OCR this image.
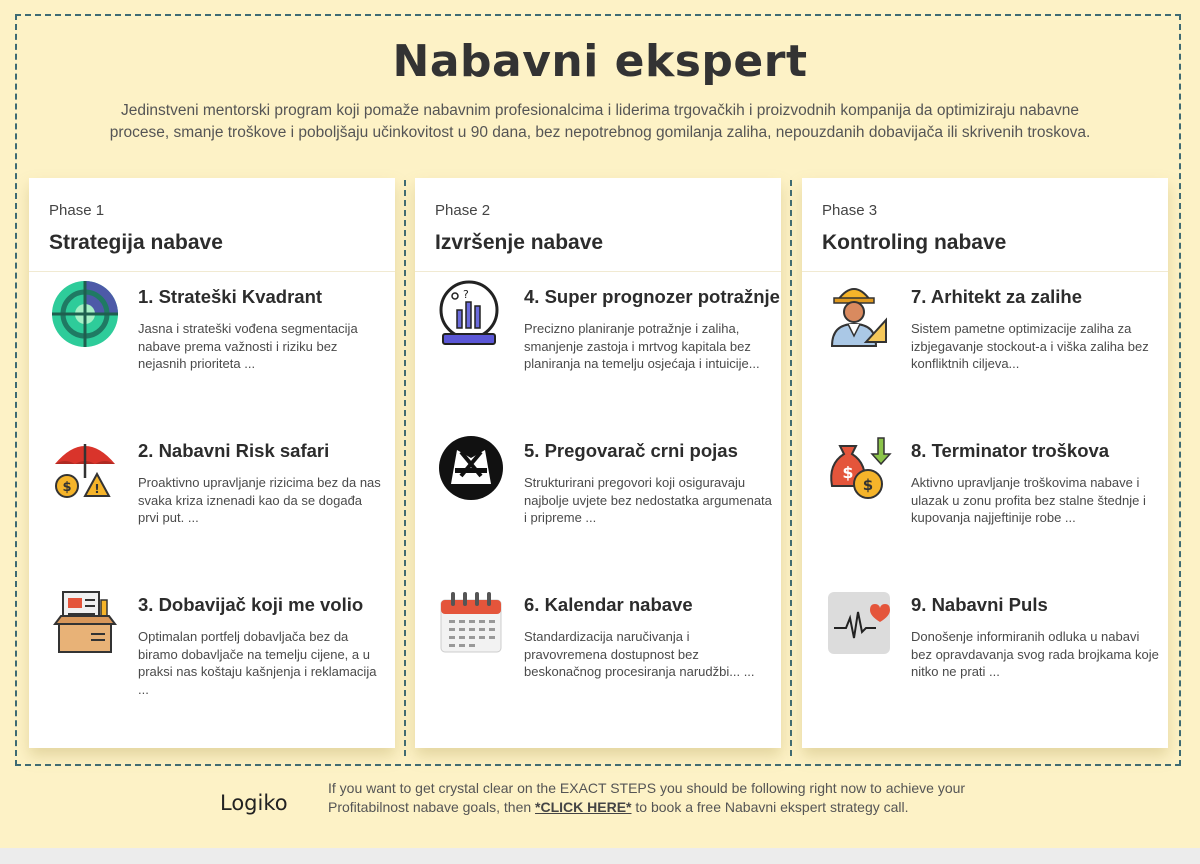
Nabavni ekspert
Jedinstveni mentorski program koji pomaže nabavnim profesionalcima i liderima trgovačkih i proizvodnih kompanija da optimiziraju nabavne procese, smanje troškove i poboljšaju učinkovitost u 90 dana, bez nepotrebnog gomilanja zaliha, nepouzdanih dobavijača ili skrivenih troskova.
Phase 1
Strategija nabave
1. Strateški Kvadrant
Jasna i strateški vođena segmentacija nabave prema važnosti i riziku bez nejasnih prioriteta ...
$ !
2. Nabavni Risk safari
Proaktivno upravljanje rizicima bez da nas svaka kriza iznenadi kao da se događa prvi put. ...
3. Dobavijač koji me volio
Optimalan portfelj dobavljača bez da biramo dobavljače na temelju cijene, a u praksi nas koštaju kašnjenja i reklamacija ...
Phase 2
Izvršenje nabave
?	4. Super prognozer potražnje
Precizno planiranje potražnje i zaliha, smanjenje zastoja i mrtvog kapitala bez planiranja na temelju osjećaja i intuicije...
5. Pregovarač crni pojas
Strukturirani pregovori koji osiguravaju najbolje uvjete bez nedostatka argumenata i pripreme ...
6. Kalendar nabave
Standardizacija naručivanja i pravovremena dostupnost bez beskonačnog procesiranja narudžbi... ...
Phase 3
Kontroling nabave
7. Arhitekt za zalihe
Sistem pametne optimizacije zaliha za izbjegavanje stockout-a i viška zaliha bez konfliktnih ciljeva...
$
$
8. Terminator troškova
Aktivno upravljanje troškovima nabave i ulazak u zonu profita bez stalne štednje i kupovanja najjeftinije robe ...
9. Nabavni Puls
Donošenje informiranih odluka u nabavi bez opravdavanja svog rada brojkama koje nitko ne prati ...
Logiko
If you want to get crystal clear on the EXACT STEPS you should be following right now to achieve your Profitabilnost nabave goals, then *CLICK HERE* to book a free Nabavni ekspert strategy call.
